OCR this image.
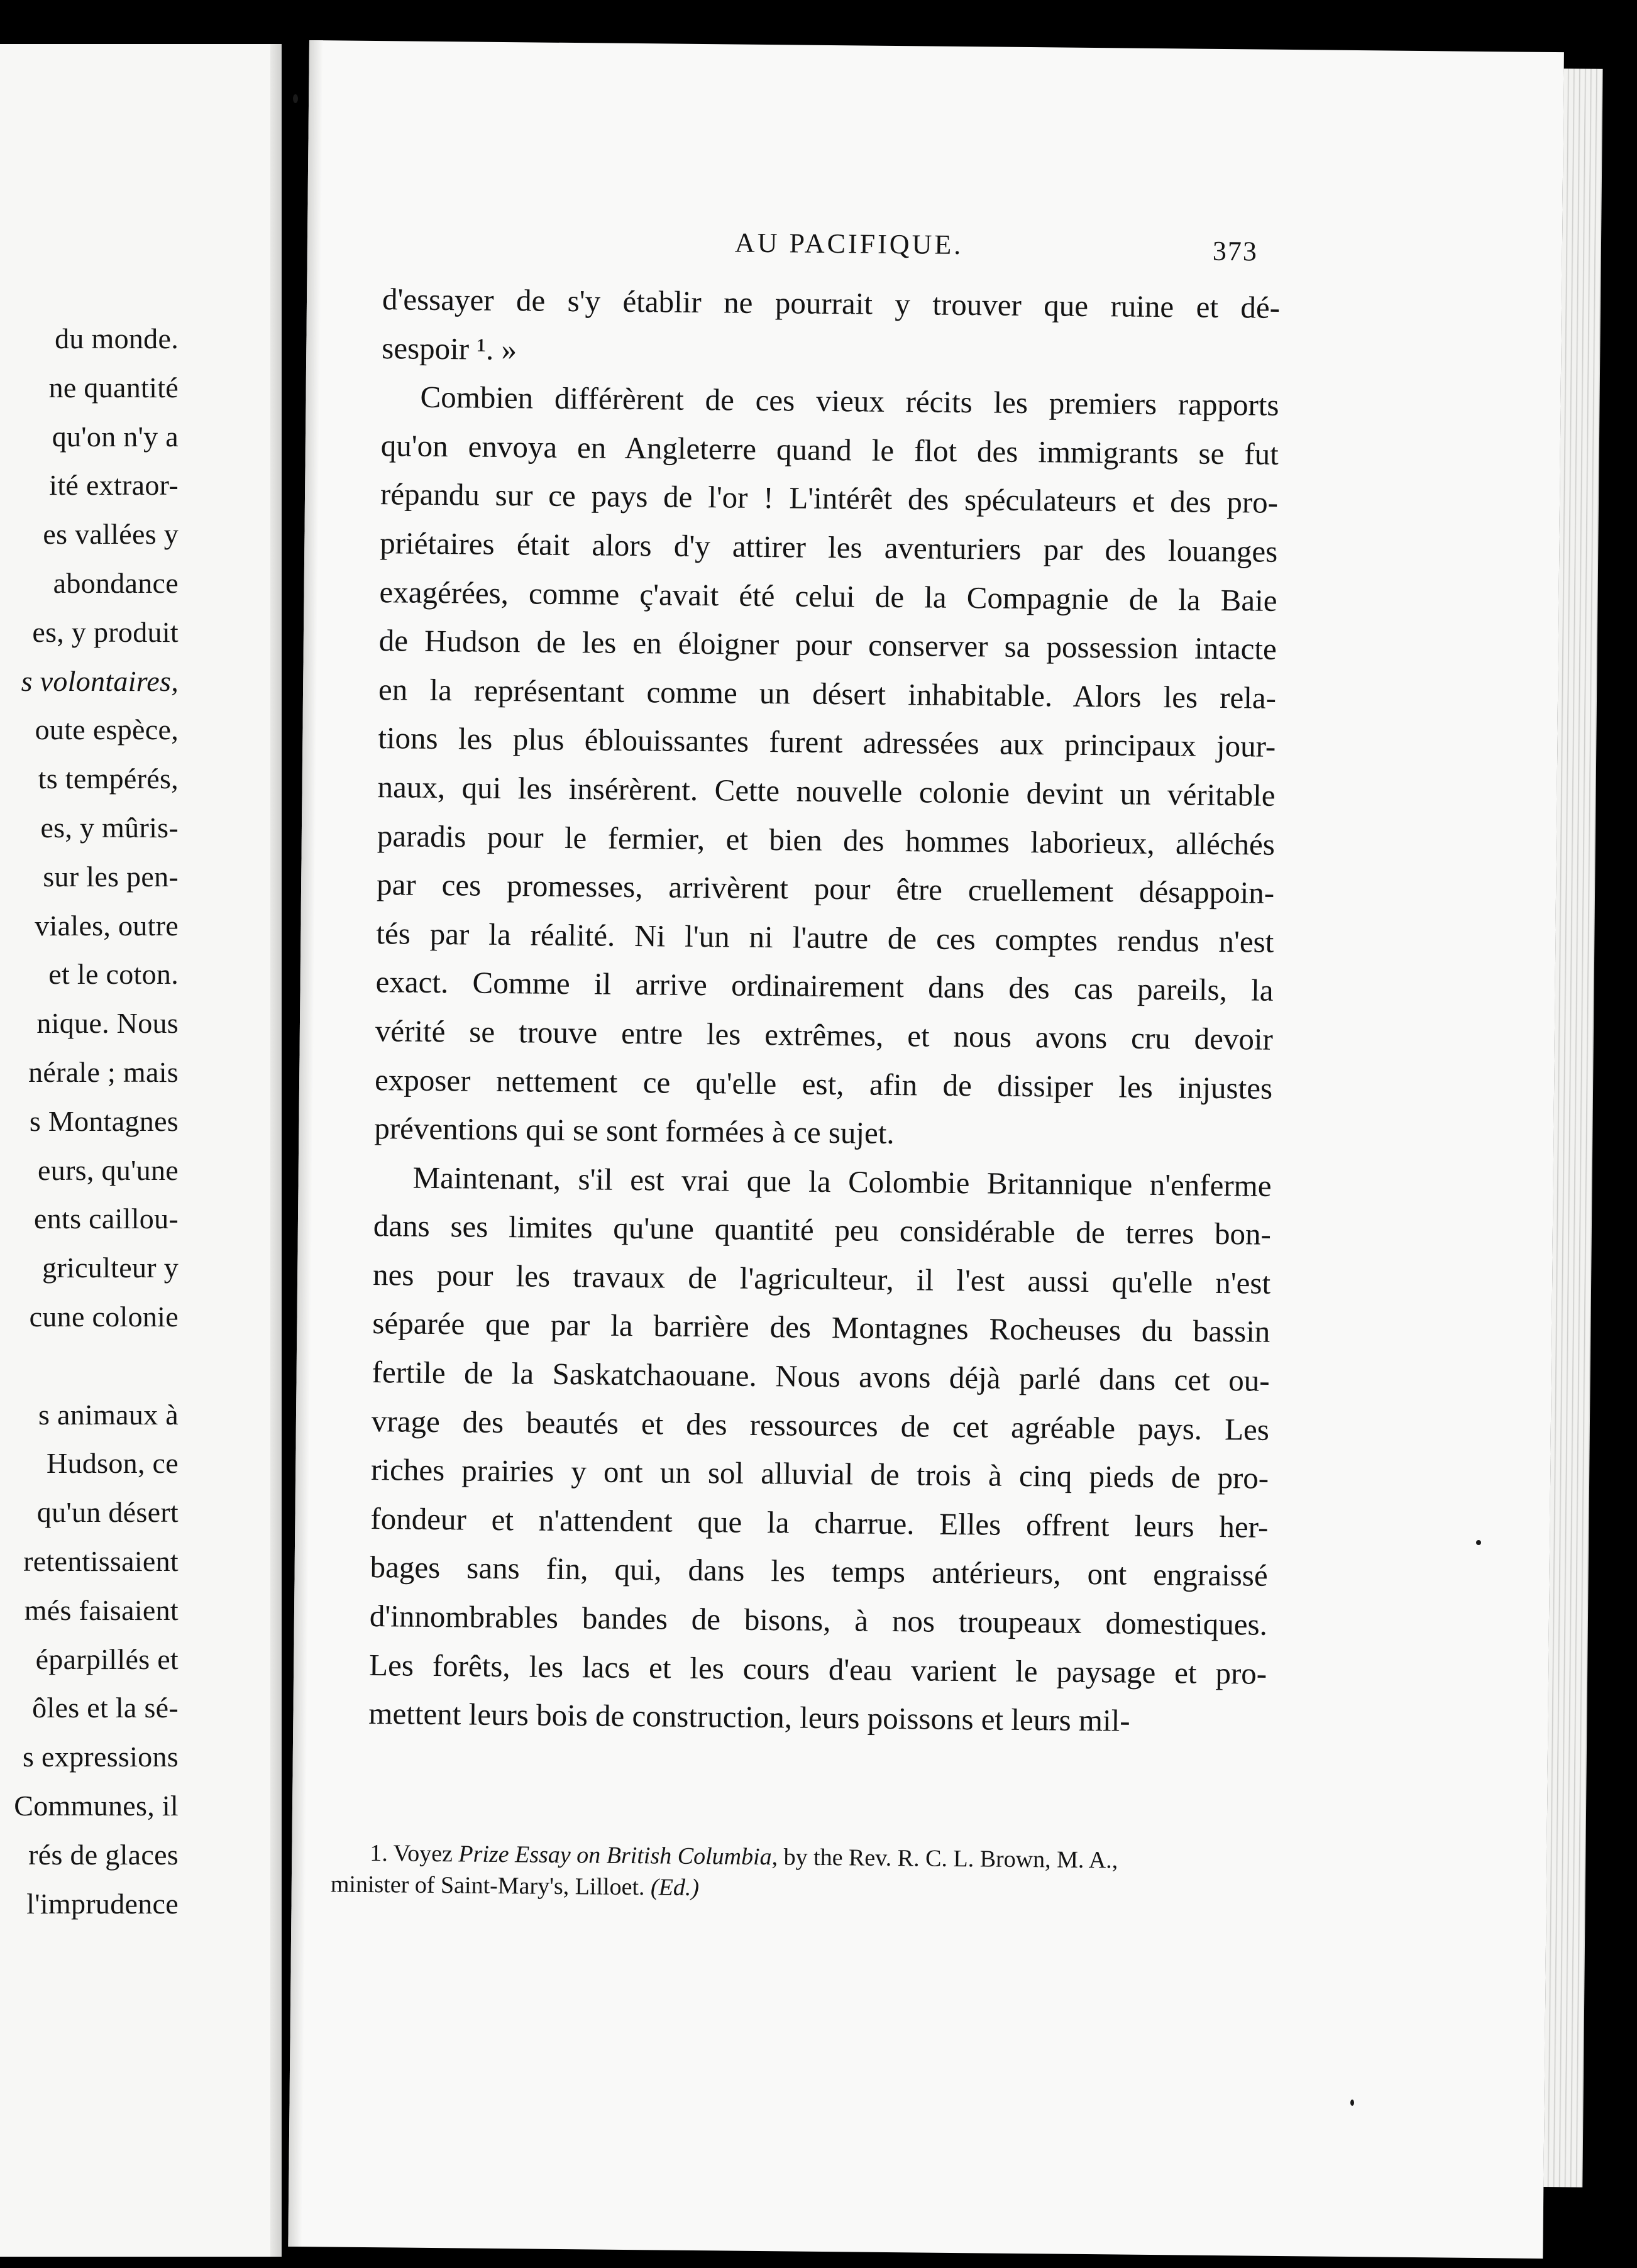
du monde.
ne quantité
qu'on n'y a
ité extraor-
es vallées y
abondance
es, y produit
s volontaires,
oute espèce,
ts tempérés,
es, y mûris-
sur les pen-
viales, outre
et le coton.
nique. Nous
nérale ; mais
s Montagnes
eurs, qu'une
ents caillou-
griculteur y
cune colonie
s animaux à
Hudson, ce
qu'un désert
retentissaient
més faisaient
éparpillés et
ôles et la sé-
s expressions
Communes, il
rés de glaces
l'imprudence
AU PACIFIQUE.	373
d'essayer de s'y établir ne pourrait y trouver que ruine et dé-
sespoir ¹. »
Combien différèrent de ces vieux récits les premiers rapports
qu'on envoya en Angleterre quand le flot des immigrants se fut
répandu sur ce pays de l'or ! L'intérêt des spéculateurs et des pro-
priétaires était alors d'y attirer les aventuriers par des louanges
exagérées, comme ç'avait été celui de la Compagnie de la Baie
de Hudson de les en éloigner pour conserver sa possession intacte
en la représentant comme un désert inhabitable. Alors les rela-
tions les plus éblouissantes furent adressées aux principaux jour-
naux, qui les insérèrent. Cette nouvelle colonie devint un véritable
paradis pour le fermier, et bien des hommes laborieux, alléchés
par ces promesses, arrivèrent pour être cruellement désappoin-
tés par la réalité. Ni l'un ni l'autre de ces comptes rendus n'est
exact. Comme il arrive ordinairement dans des cas pareils, la
vérité se trouve entre les extrêmes, et nous avons cru devoir
exposer nettement ce qu'elle est, afin de dissiper les injustes
préventions qui se sont formées à ce sujet.
Maintenant, s'il est vrai que la Colombie Britannique n'enferme
dans ses limites qu'une quantité peu considérable de terres bon-
nes pour les travaux de l'agriculteur, il l'est aussi qu'elle n'est
séparée que par la barrière des Montagnes Rocheuses du bassin
fertile de la Saskatchaouane. Nous avons déjà parlé dans cet ou-
vrage des beautés et des ressources de cet agréable pays. Les
riches prairies y ont un sol alluvial de trois à cinq pieds de pro-
fondeur et n'attendent que la charrue. Elles offrent leurs her-
bages sans fin, qui, dans les temps antérieurs, ont engraissé
d'innombrables bandes de bisons, à nos troupeaux domestiques.
Les forêts, les lacs et les cours d'eau varient le paysage et pro-
mettent leurs bois de construction, leurs poissons et leurs mil-
1. Voyez Prize Essay on British Columbia, by the Rev. R. C. L. Brown, M. A.,
minister of Saint-Mary's, Lilloet. (Ed.)
